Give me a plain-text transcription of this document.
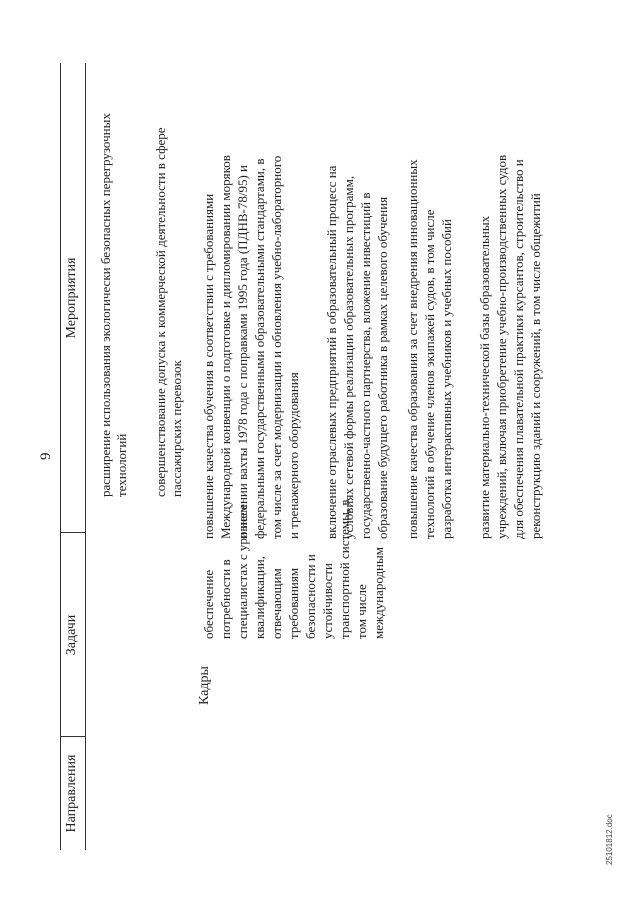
9
Направления
Задачи
Мероприятия
Кадры
обеспечение потребности в специалистах с уровнем квалификации, отвечающим требованиям безопасности и устойчивости транспортной системы, в том числе международным
расширение использования экологически безопасных перегрузочных технологий совершенствование допуска к коммерческой деятельности в сфере пассажирских перевозок повышение качества обучения в соответствии с требованиями Международной конвенции о подготовке и дипломировании моряков и несении вахты 1978 года с поправками 1995 года (ПДНВ-78/95) и федеральными государственными образовательными стандартами, в том числе за счет модернизации и обновления учебно-лабораторного и тренажерного оборудования включение отраслевых предприятий в образовательный процесс на условиях сетевой формы реализации образовательных программ, государственно-частного партнерства, вложение инвестиций в образование будущего работника в рамках целевого обучения повышение качества образования за счет внедрения инновационных технологий в обучение членов экипажей судов, в том числе разработка интерактивных учебников и учебных пособий развитие материально-технической базы образовательных учреждений, включая приобретение учебно-производственных судов для обеспечения плавательной практики курсантов, строительство и реконструкцию зданий и сооружений, в том числе общежитий
25101812.doc
